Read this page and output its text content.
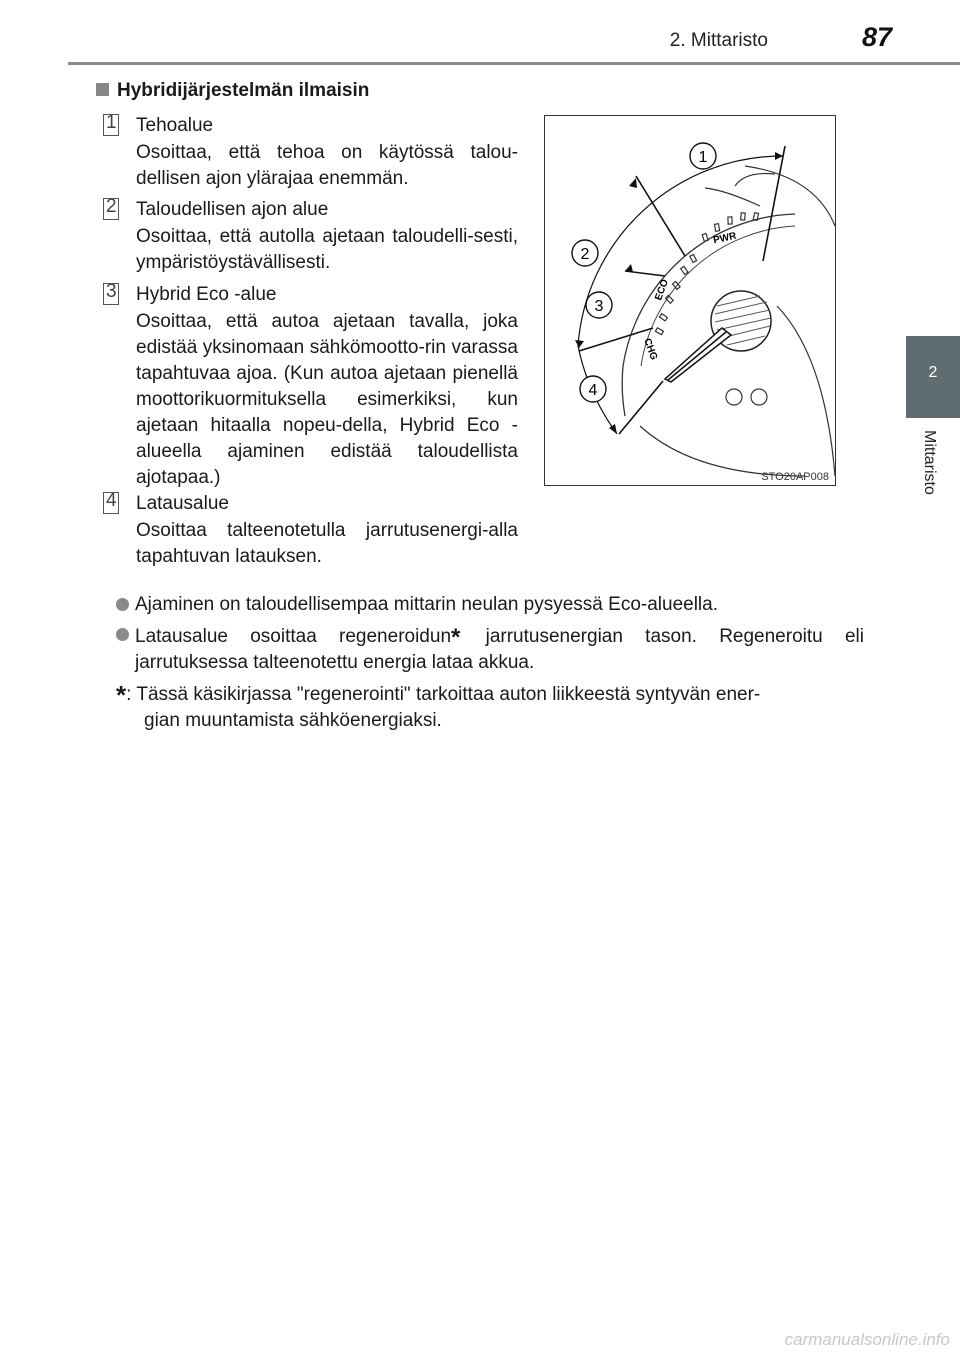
2. Mittaristo	87
2
Mittaristo
Hybridijärjestelmän ilmaisin
1 Tehoalue
Osoittaa, että tehoa on käytössä talou-dellisen ajon ylärajaa enemmän.
2 Taloudellisen ajon alue
Osoittaa, että autolla ajetaan taloudelli-sesti, ympäristöystävällisesti.
3 Hybrid Eco -alue
Osoittaa, että autoa ajetaan tavalla, joka edistää yksinomaan sähkömootto-rin varassa tapahtuvaa ajoa. (Kun autoa ajetaan pienellä moottorikuormituksella esimerkiksi, kun ajetaan hitaalla nopeu-della, Hybrid Eco -alueella ajaminen edistää taloudellista ajotapaa.)
4 Latausalue
Osoittaa talteenotetulla jarrutusenergi-alla tapahtuvan latauksen.
PWR
ECO
CHG
1
2
3
4
STO20AP008
Ajaminen on taloudellisempaa mittarin neulan pysyessä Eco-alueella.
Latausalue osoittaa regeneroidun* jarrutusenergian tason. Regeneroitu eli jarrutuksessa talteenotettu energia lataa akkua.
*: Tässä käsikirjassa "regenerointi" tarkoittaa auton liikkeestä syntyvän ener-
gian muuntamista sähköenergiaksi.
carmanualsonline.info
